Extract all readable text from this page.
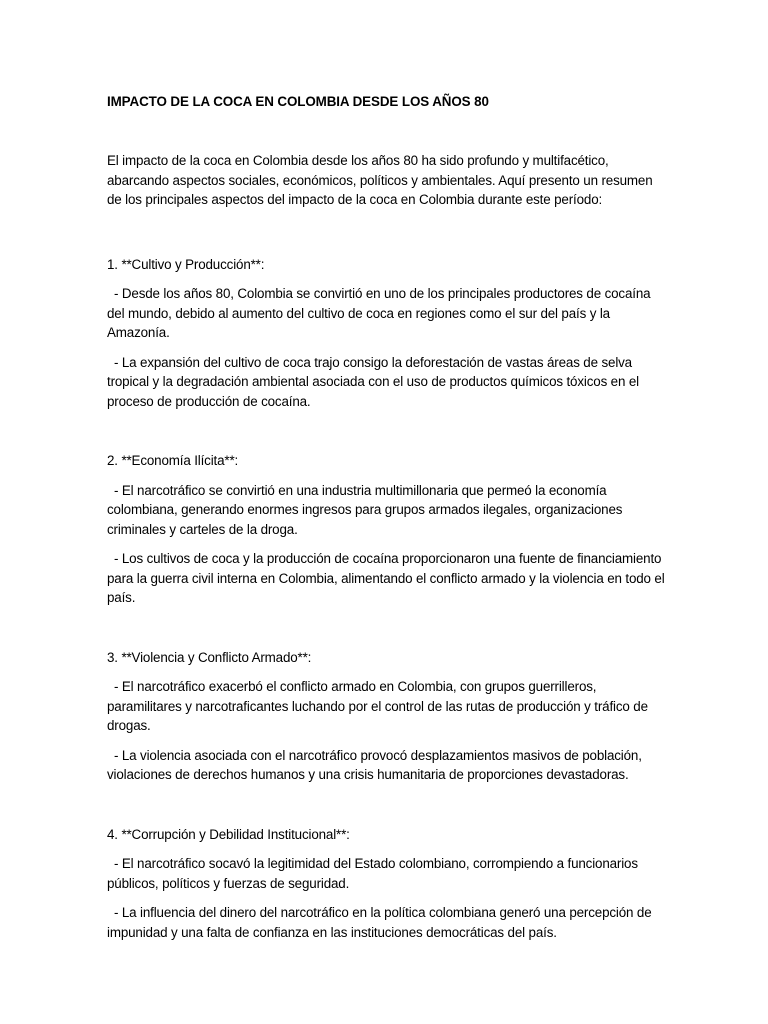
IMPACTO DE LA COCA EN COLOMBIA DESDE LOS AÑOS 80

El impacto de la coca en Colombia desde los años 80 ha sido profundo y multifacético, abarcando aspectos sociales, económicos, políticos y ambientales. Aquí presento un resumen de los principales aspectos del impacto de la coca en Colombia durante este período:

1. **Cultivo y Producción**:

- Desde los años 80, Colombia se convirtió en uno de los principales productores de cocaína del mundo, debido al aumento del cultivo de coca en regiones como el sur del país y la Amazonía.

- La expansión del cultivo de coca trajo consigo la deforestación de vastas áreas de selva tropical y la degradación ambiental asociada con el uso de productos químicos tóxicos en el proceso de producción de cocaína.

2. **Economía Ilícita**:

- El narcotráfico se convirtió en una industria multimillonaria que permeó la economía colombiana, generando enormes ingresos para grupos armados ilegales, organizaciones criminales y carteles de la droga.

- Los cultivos de coca y la producción de cocaína proporcionaron una fuente de financiamiento para la guerra civil interna en Colombia, alimentando el conflicto armado y la violencia en todo el país.

3. **Violencia y Conflicto Armado**:

- El narcotráfico exacerbó el conflicto armado en Colombia, con grupos guerrilleros, paramilitares y narcotraficantes luchando por el control de las rutas de producción y tráfico de drogas.

- La violencia asociada con el narcotráfico provocó desplazamientos masivos de población, violaciones de derechos humanos y una crisis humanitaria de proporciones devastadoras.

4. **Corrupción y Debilidad Institucional**:

- El narcotráfico socavó la legitimidad del Estado colombiano, corrompiendo a funcionarios públicos, políticos y fuerzas de seguridad.

- La influencia del dinero del narcotráfico en la política colombiana generó una percepción de impunidad y una falta de confianza en las instituciones democráticas del país.
